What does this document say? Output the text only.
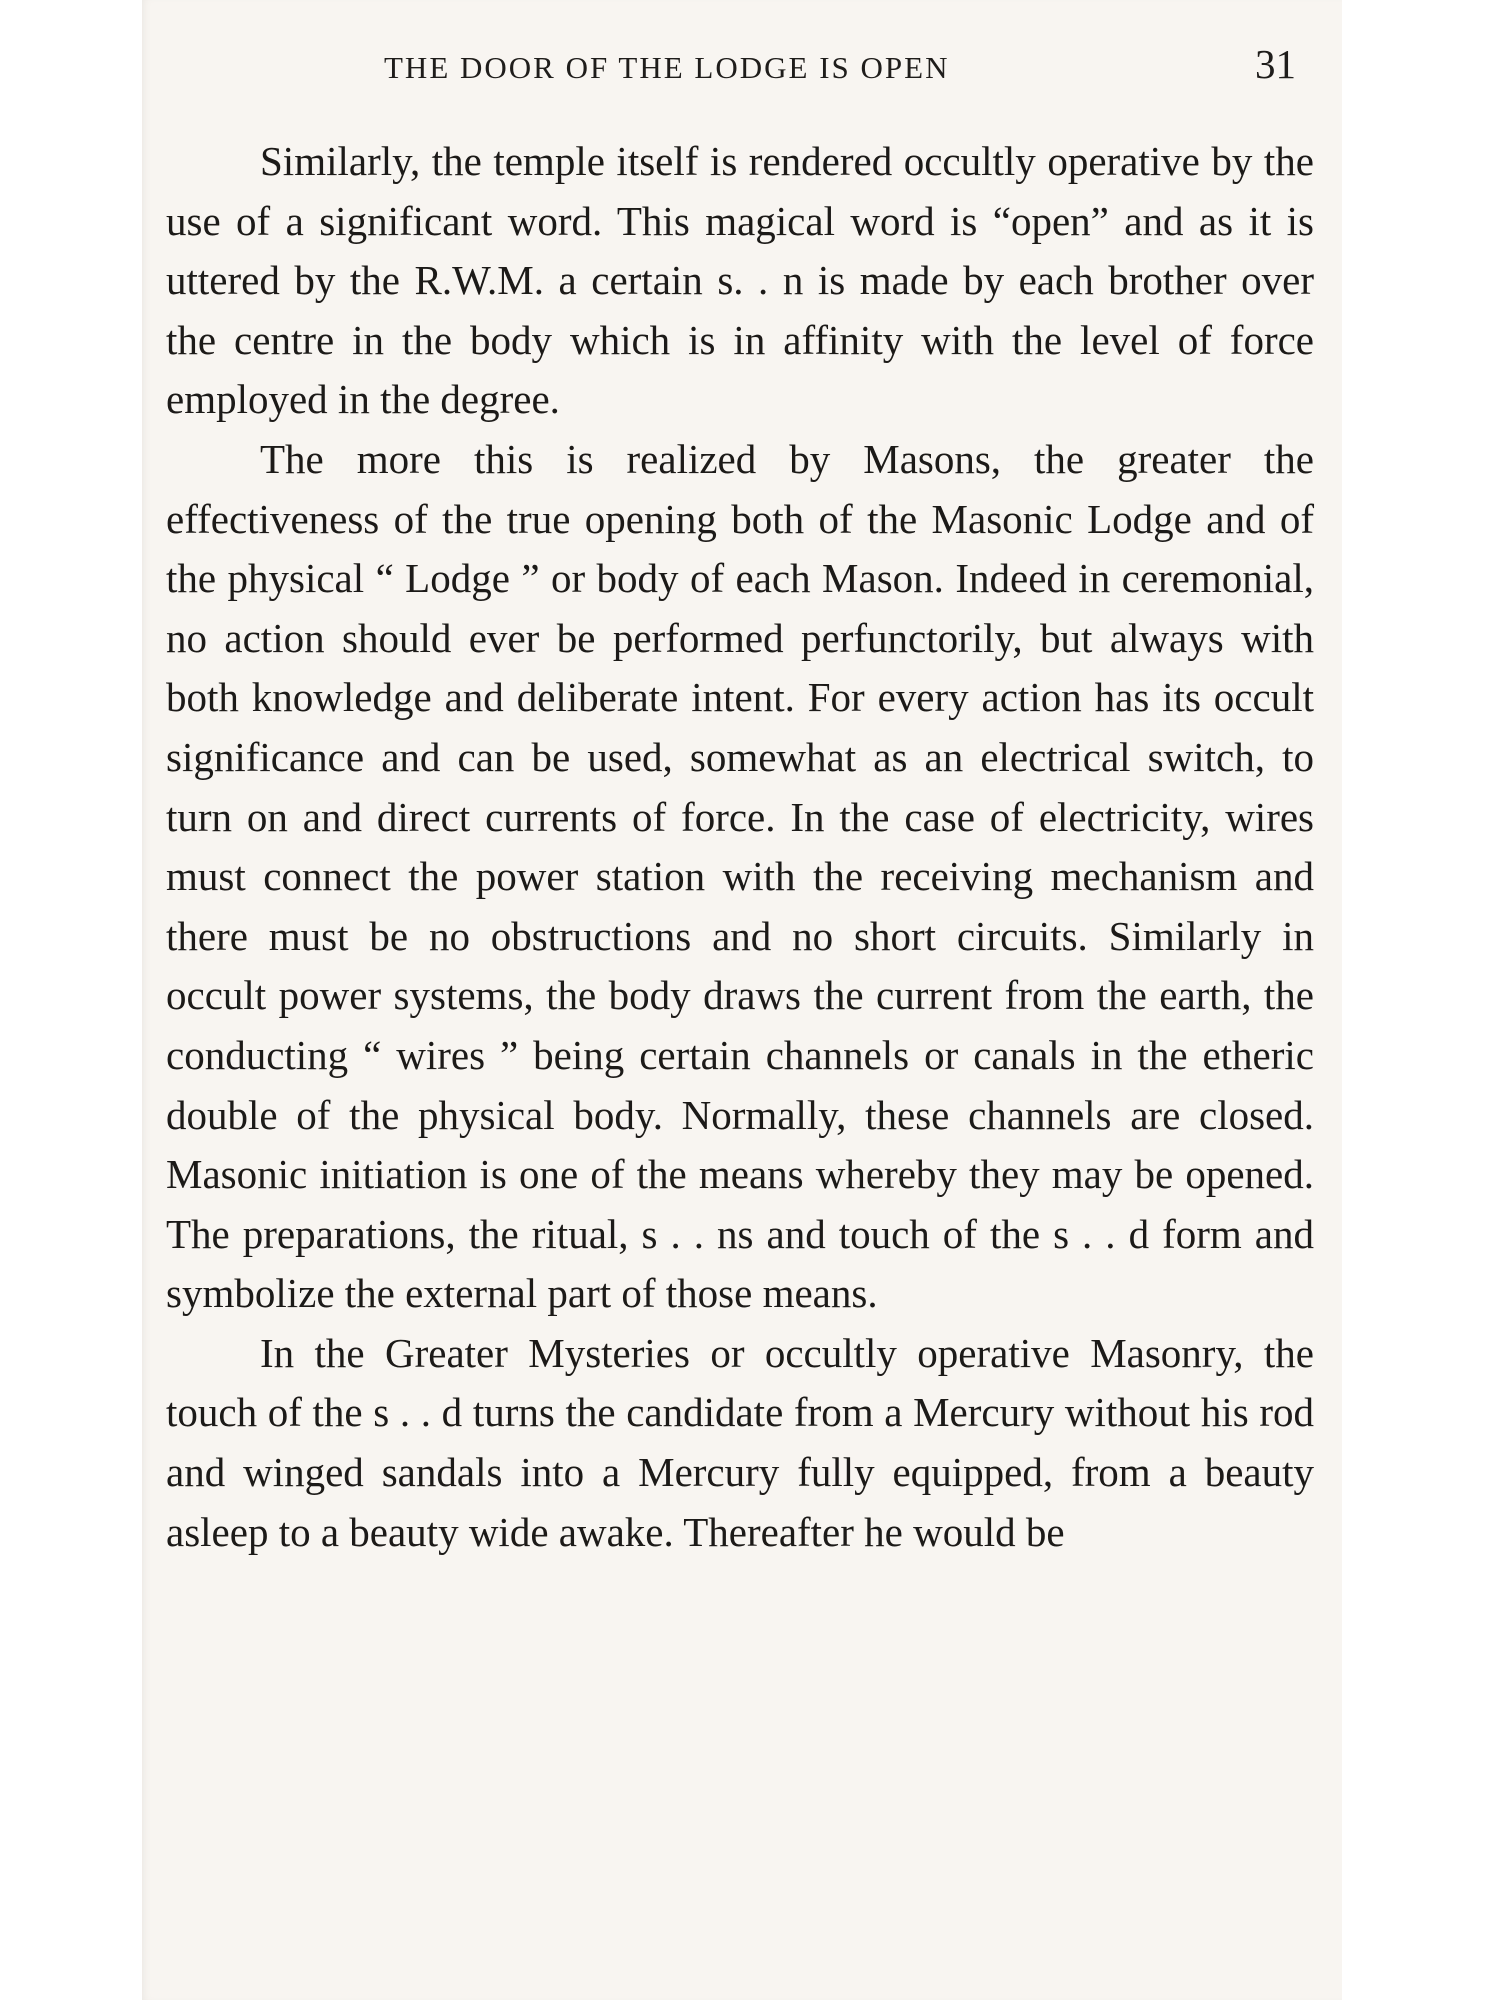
THE DOOR OF THE LODGE IS OPEN	31

Similarly, the temple itself is rendered occultly operative by the use of a significant word. This magical word is “open” and as it is uttered by the R.W.M. a certain s. . n is made by each brother over the centre in the body which is in affinity with the level of force employed in the degree.

The more this is realized by Masons, the greater the effectiveness of the true opening both of the Masonic Lodge and of the physical “ Lodge ” or body of each Mason. Indeed in ceremonial, no action should ever be performed perfunctorily, but always with both knowledge and deliberate intent. For every action has its occult significance and can be used, somewhat as an electrical switch, to turn on and direct currents of force. In the case of electricity, wires must connect the power station with the receiving mechanism and there must be no obstructions and no short circuits. Similarly in occult power systems, the body draws the current from the earth, the conducting “ wires ” being certain channels or canals in the etheric double of the physical body. Normally, these channels are closed. Masonic initiation is one of the means whereby they may be opened. The preparations, the ritual, s . . ns and touch of the s . . d form and symbolize the external part of those means.

In the Greater Mysteries or occultly operative Masonry, the touch of the s . . d turns the candidate from a Mercury without his rod and winged sandals into a Mercury fully equipped, from a beauty asleep to a beauty wide awake. Thereafter he would be
